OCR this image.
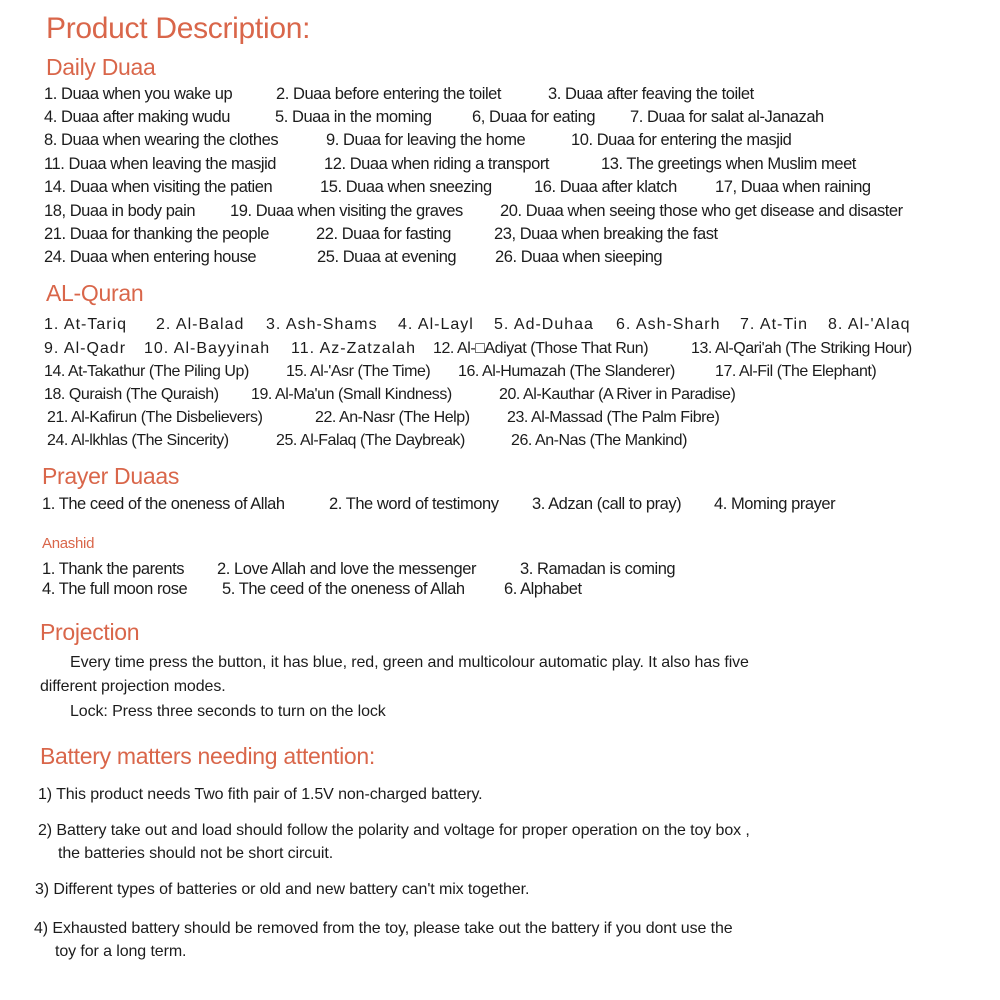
Product Description:
Daily Duaa
1. Duaa when you wake up	2. Duaa before entering the toilet	3. Duaa after feaving the toilet
4. Duaa after making wudu	5. Duaa in the moming 6, Duaa for eating 7. Duaa for salat al-Janazah
8. Duaa when wearing the clothes	9. Duaa for leaving the home	10. Duaa for entering the masjid
11. Duaa when leaving the masjid	12. Duaa when riding a transport	13. The greetings when Muslim meet
14. Duaa when visiting the patien	15. Duaa when sneezing	16. Duaa after klatch 17, Duaa when raining
18, Duaa in body pain 19. Duaa when visiting the graves 20. Duaa when seeing those who get disease and disaster
21. Duaa for thanking the people	22. Duaa for fasting	23, Duaa when breaking the fast
24. Duaa when entering house	25. Duaa at evening 26. Duaa when sieeping
AL-Quran
1. At-Tariq 2. Al-Balad 3. Ash-Shams 4. Al-Layl 5. Ad-Duhaa 6. Ash-Sharh 7. At-Tin 8. Al-'Alaq
9. Al-Qadr 10. Al-Bayyinah 11. Az-Zatzalah 12. Al-□Adiyat (Those That Run)	13. Al-Qari'ah (The Striking Hour)
14. At-Takathur (The Piling Up) 15. Al-'Asr (The Time) 16. Al-Humazah (The Slanderer)	17. Al-Fil (The Elephant)
18. Quraish (The Quraish) 19. Al-Ma'un (Small Kindness)	20. Al-Kauthar (A River in Paradise)
21. Al-Kafirun (The Disbelievers)	22. An-Nasr (The Help) 23. Al-Massad (The Palm Fibre)
24. Al-lkhlas (The Sincerity)	25. Al-Falaq (The Daybreak)	26. An-Nas (The Mankind)
Prayer Duaas
1. The ceed of the oneness of Allah	2. The word of testimony 3. Adzan (call to pray) 4. Moming prayer
Anashid
1. Thank the parents 2. Love Allah and love the messenger	3. Ramadan is coming
4. The full moon rose 5. The ceed of the oneness of Allah 6. Alphabet
Projection
Every time press the button, it has blue, red, green and multicolour automatic play. It also has five
different projection modes.
Lock: Press three seconds to turn on the lock
Battery matters needing attention:
1) This product needs Two fith pair of 1.5V non-charged battery.
2) Battery take out and load should follow the polarity and voltage for proper operation on the toy box ,
the batteries should not be short circuit.
3) Different types of batteries or old and new battery can't mix together.
4) Exhausted battery should be removed from the toy, please take out the battery if you dont use the
toy for a long term.
